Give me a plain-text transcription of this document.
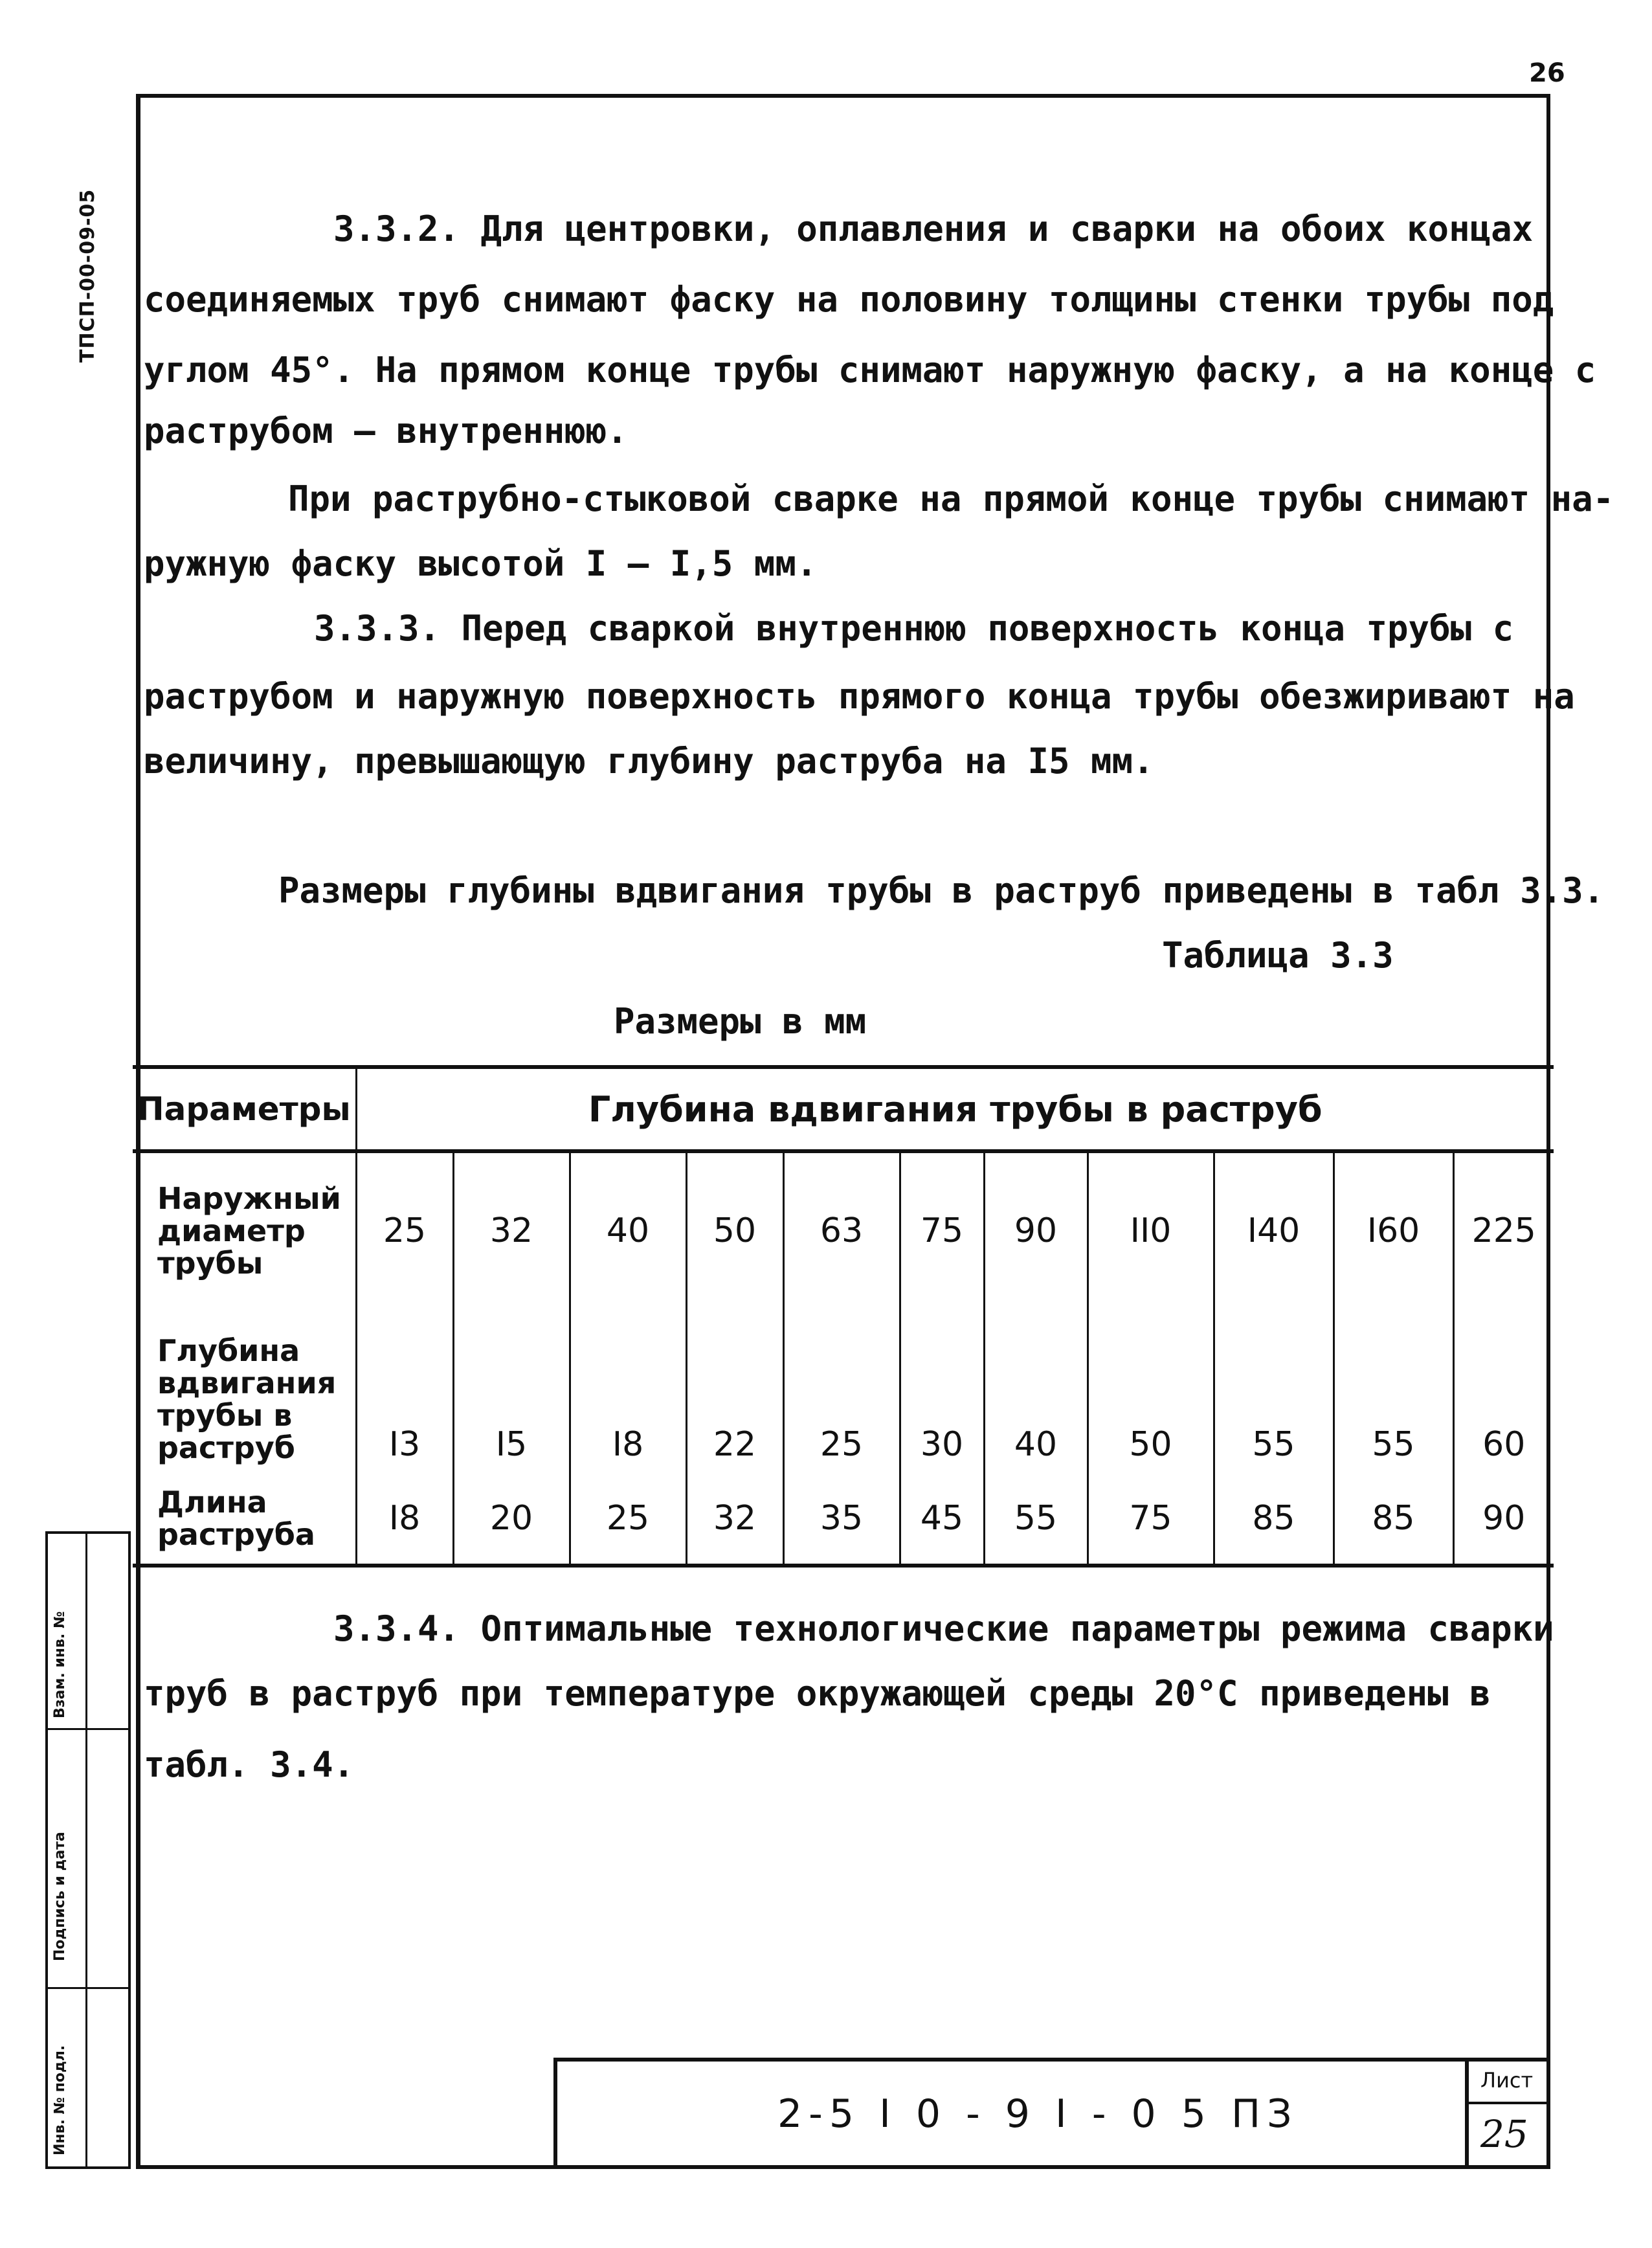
ТПСП-00-09-05
26
3.3.2. Для центровки, оплавления и сварки на обоих концах
соединяемых труб снимают фаску на половину толщины стенки трубы под
углом 45°. На прямом конце трубы снимают наружную фаску, а на конце с
раструбом – внутреннюю.
При раструбно-стыковой сварке на прямой конце трубы снимают на-
ружную фаску высотой I – I,5 мм.
3.3.3. Перед сваркой внутреннюю поверхность конца трубы с
раструбом и наружную поверхность прямого конца трубы обезжиривают на
величину, превышающую глубину раструба на I5 мм.
Размеры глубины вдвигания трубы в раструб приведены в табл 3.3.
Таблица 3.3
Размеры в мм
Параметры	Глубина вдвигания трубы в раструб										
Наружный
диаметр
трубы	25	32	40	50	63	75	90	II0	I40	I60	225
Глубина
вдвигания
трубы в
раструб	I3	I5	I8	22	25	30	40	50	55	55	60
Длина
раструба	I8	20	25	32	35	45	55	75	85	85	90
3.3.4. Оптимальные технологические параметры режима сварки
труб в раструб при температуре окружающей среды 20°С приведены в
табл. 3.4.
Взам. инв. №
Подпись и дата
Инв. № подл.	2-5 I 0 - 9 I - 0 5 ПЗ
Лист
25
